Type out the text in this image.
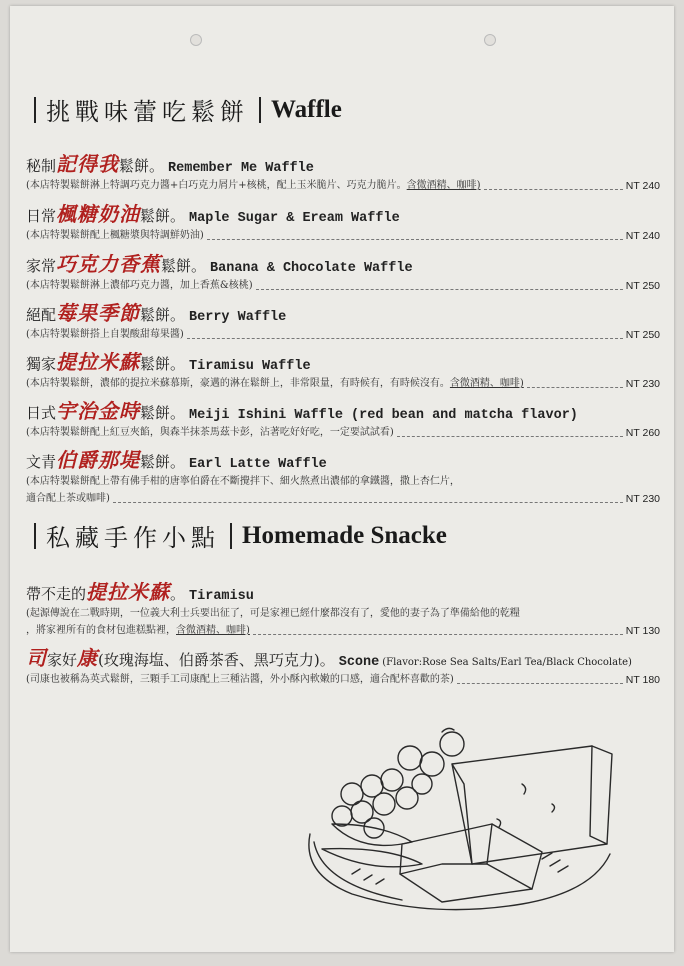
挑戰味蕾吃鬆餅 Waffle
秘制 記得我 鬆餅。 Remember Me Waffle
(本店特製鬆餅淋上特調巧克力醬+白巧克力屑片+核桃，配上玉米脆片、巧克力脆片。 含微酒精、咖啡)	NT 240
日常 楓糖奶油 鬆餅。 Maple Sugar & Eream Waffle
(本店特製鬆餅配上楓糖漿與特調鮮奶油)	NT 240
家常 巧克力香蕉 鬆餅。 Banana & Chocolate Waffle
(本店特製鬆餅淋上濃郁巧克力醬，加上香蕉&核桃)	NT 250
絕配 莓果季節 鬆餅。 Berry Waffle
(本店特製鬆餅搭上自製酸甜莓果醬)	NT 250
獨家 提拉米蘇 鬆餅。 Tiramisu Waffle
(本店特製鬆餅，濃郁的提拉米蘇慕斯，豪邁的淋在鬆餅上，非常限量，有時候有，有時候沒有。 含微酒精、咖啡)	NT 230
日式 宇治金時 鬆餅。 Meiji Ishini Waffle (red bean and matcha flavor)
(本店特製鬆餅配上紅豆夾餡，與森半抹茶馬茲卡彭，沾著吃好好吃，一定要試試看)	NT 260
文青 伯爵那堤 鬆餅。 Earl Latte Waffle
(本店特製鬆餅配上帶有佛手柑的唐寧伯爵在不斷攪拌下、細火熬煮出濃郁的拿鐵醬，撒上杏仁片，
適合配上茶或咖啡)	NT 230
私藏手作小點 Homemade Snacke
帶不走的 提拉米蘇 。 Tiramisu
(起源傳說在二戰時期，一位義大利士兵要出征了，可是家裡已經什麼都沒有了，愛他的妻子為了準備給他的乾糧
，將家裡所有的食材包進糕點裡， 含微酒精、咖啡)	NT 130
司 家好 康 (玫瑰海塩、伯爵茶香、黑巧克力)。 Scone (Flavor:Rose Sea Salts/Earl Tea/Black Chocolate)
(司康也被稱為英式鬆餅，三顆手工司康配上三種沾醬，外小酥內軟嫩的口感，適合配杯喜歡的茶)	NT 180
